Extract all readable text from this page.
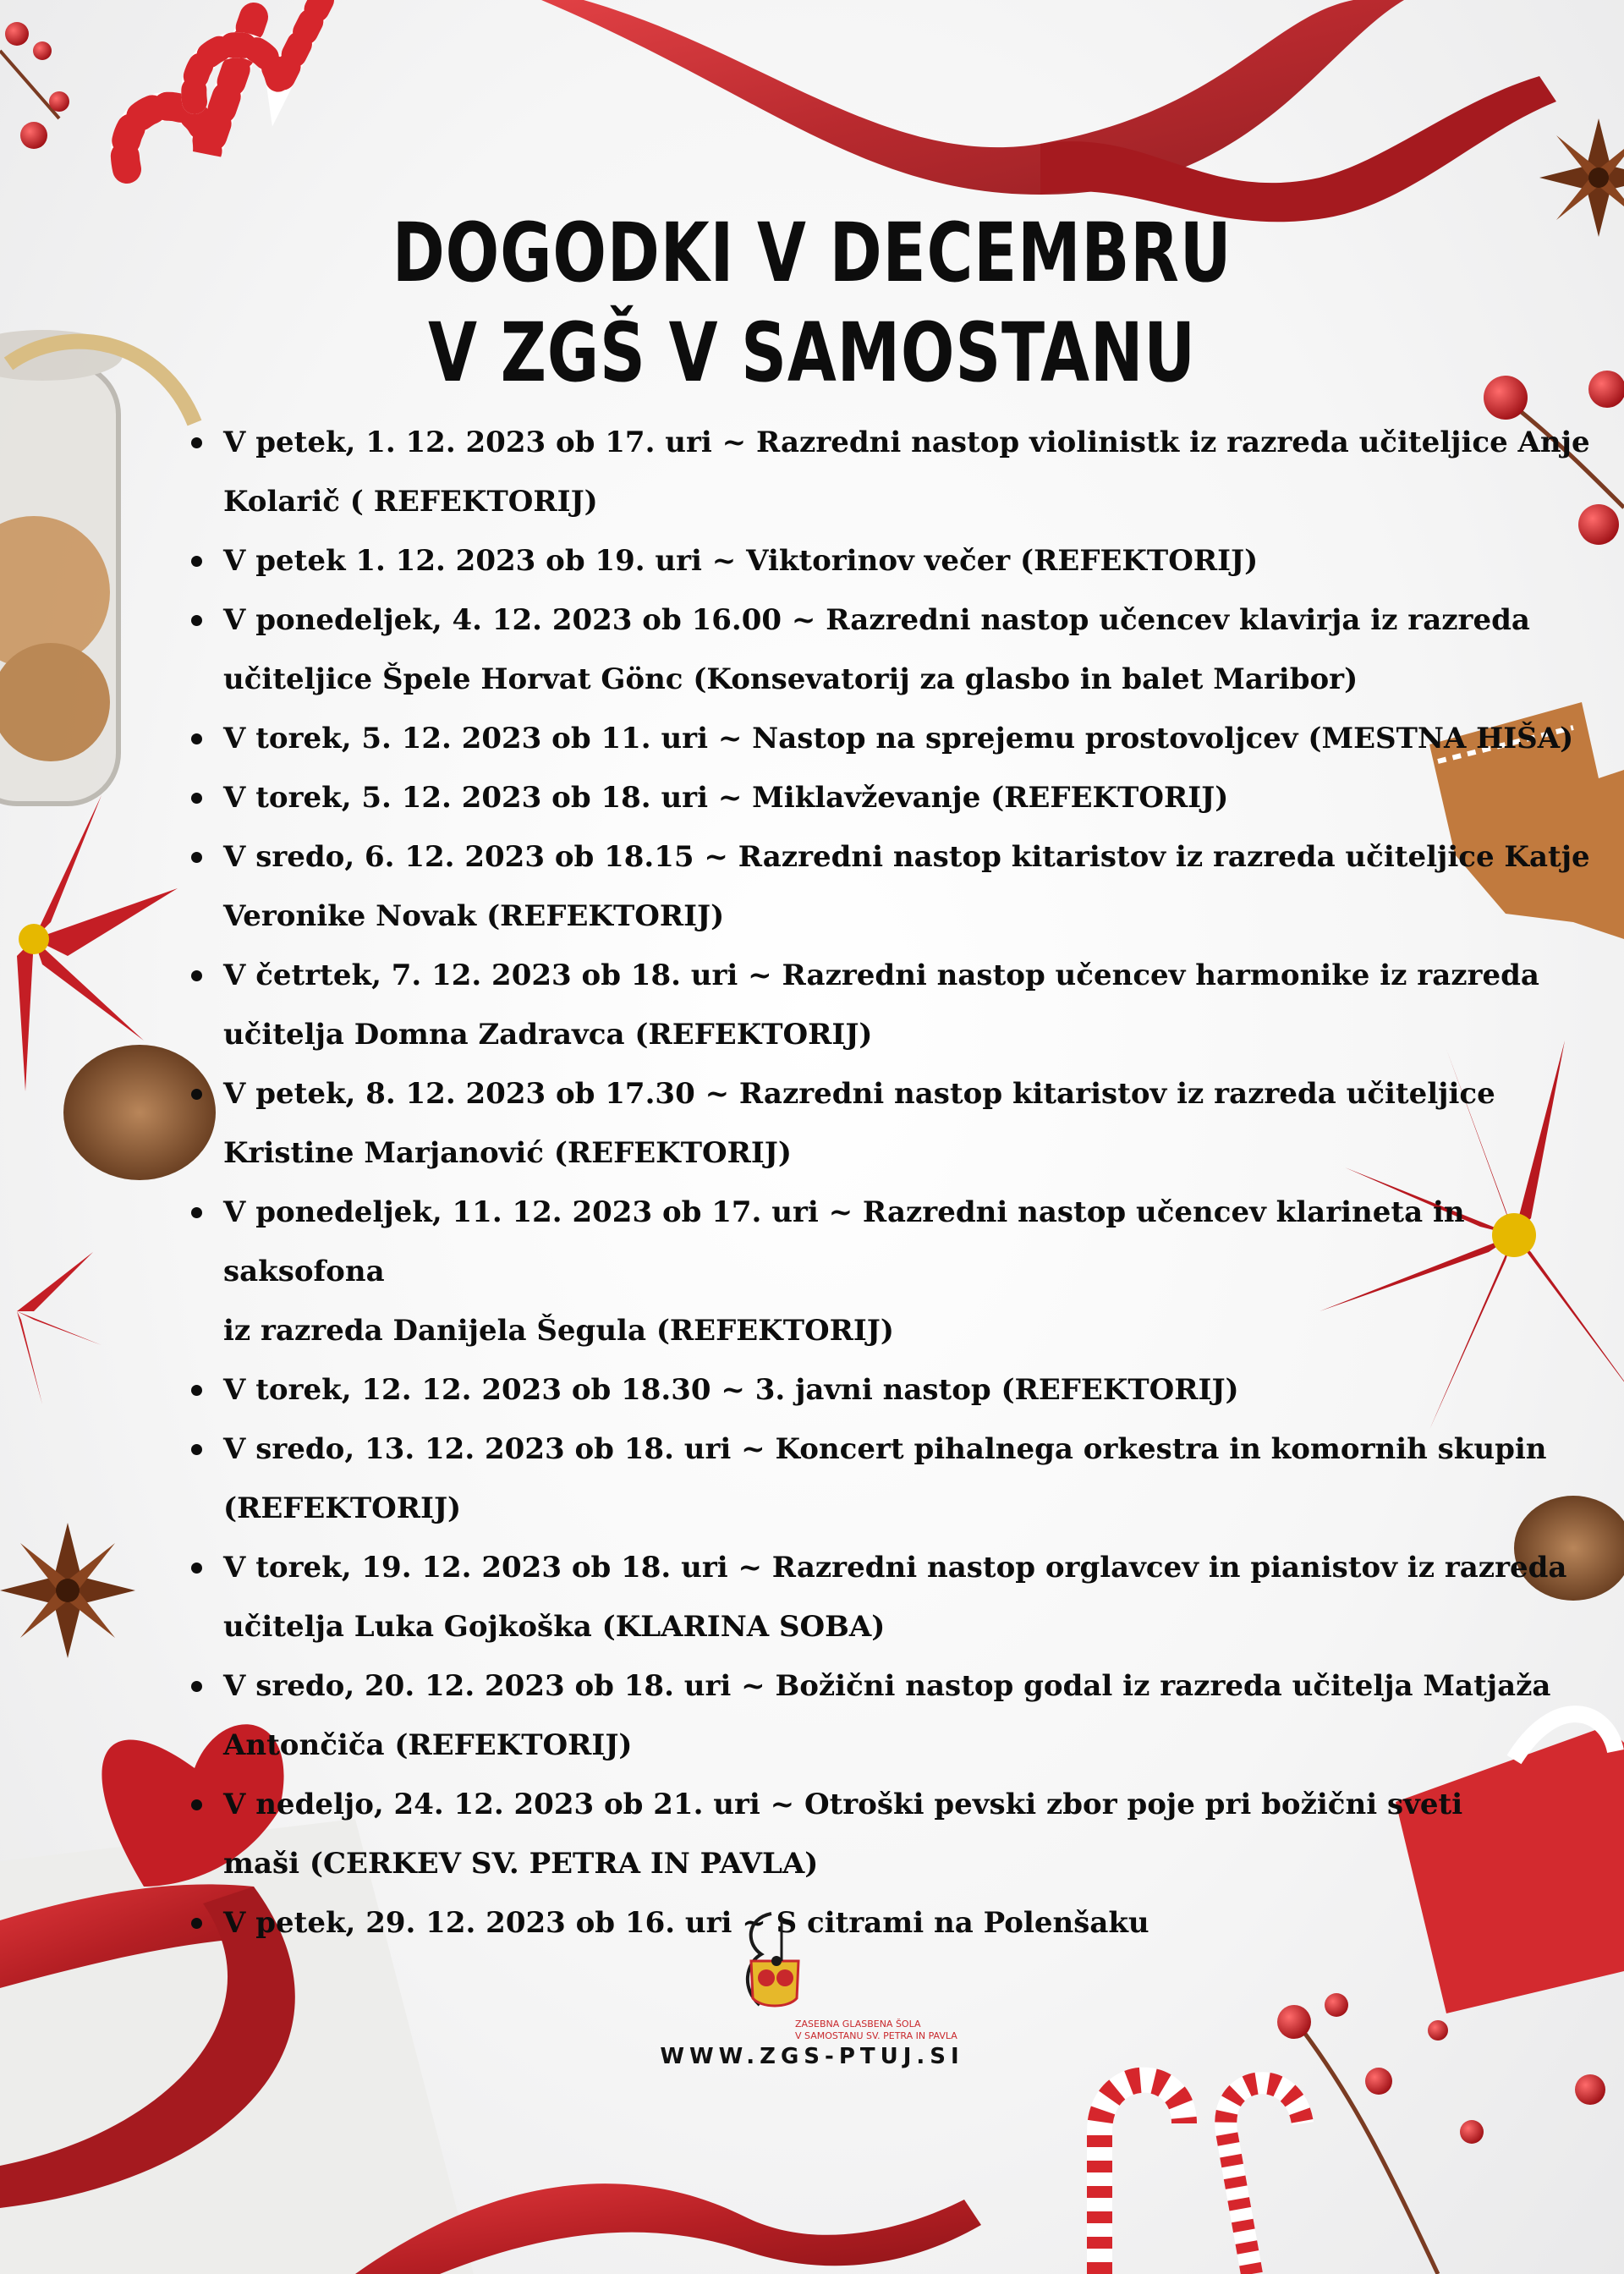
DOGODKI V DECEMBRU
V ZGŠ V SAMOSTANU
V petek, 1. 12. 2023 ob 17. uri ~ Razredni nastop violinistk iz razreda učiteljice Anje
Kolarič ( REFEKTORIJ)
V petek 1. 12. 2023 ob 19. uri ~ Viktorinov večer (REFEKTORIJ)
V ponedeljek, 4. 12. 2023 ob 16.00 ~ Razredni nastop učencev klavirja iz razreda
učiteljice Špele Horvat Gönc (Konsevatorij za glasbo in balet Maribor)
V torek, 5. 12. 2023 ob 11. uri ~ Nastop na sprejemu prostovoljcev (MESTNA HIŠA)
V torek, 5. 12. 2023 ob 18. uri ~ Miklavževanje (REFEKTORIJ)
V sredo, 6. 12. 2023 ob 18.15 ~ Razredni nastop kitaristov iz razreda učiteljice Katje
Veronike Novak (REFEKTORIJ)
V četrtek, 7. 12. 2023 ob 18. uri ~ Razredni nastop učencev harmonike iz razreda
učitelja Domna Zadravca (REFEKTORIJ)
V petek, 8. 12. 2023 ob 17.30 ~ Razredni nastop kitaristov iz razreda učiteljice
Kristine Marjanović (REFEKTORIJ)
V ponedeljek, 11. 12. 2023 ob 17. uri ~ Razredni nastop učencev klarineta in saksofona
iz razreda Danijela Šegula (REFEKTORIJ)
V torek, 12. 12. 2023 ob 18.30 ~ 3. javni nastop (REFEKTORIJ)
V sredo, 13. 12. 2023 ob 18. uri ~ Koncert pihalnega orkestra in komornih skupin
(REFEKTORIJ)
V torek, 19. 12. 2023 ob 18. uri ~ Razredni nastop orglavcev in pianistov iz razreda
učitelja Luka Gojkoška (KLARINA SOBA)
V sredo, 20. 12. 2023 ob 18. uri ~ Božični nastop godal iz razreda učitelja Matjaža
Antončiča (REFEKTORIJ)
V nedeljo, 24. 12. 2023 ob 21. uri ~ Otroški pevski zbor poje pri božični sveti
maši (CERKEV SV. PETRA IN PAVLA)
V petek, 29. 12. 2023 ob 16. uri ~ S citrami na Polenšaku
ZASEBNA GLASBENA ŠOLA
V SAMOSTANU SV. PETRA IN PAVLA
WWW.ZGS-PTUJ.SI
